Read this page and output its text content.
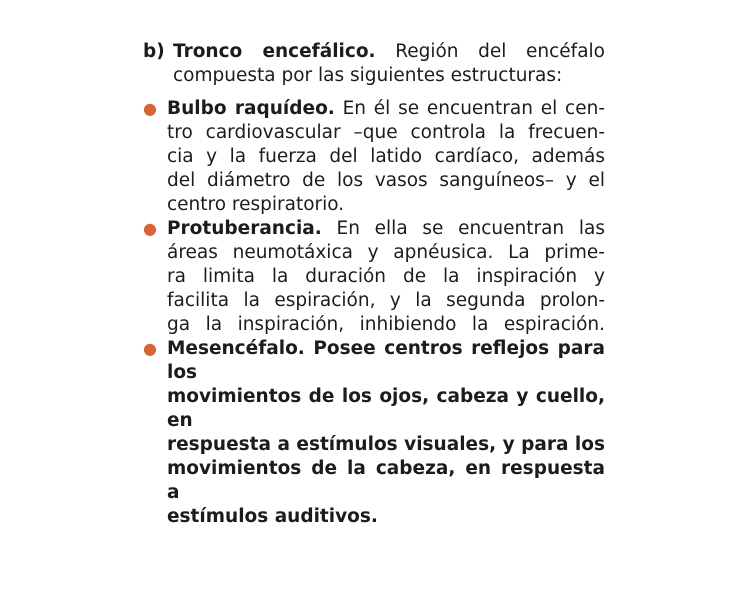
b) Tronco encefálico. Región del encéfalo
compuesta por las siguientes estructuras:
● Bulbo raquídeo. En él se encuentran el cen-
tro cardiovascular –que controla la frecuen-
cia y la fuerza del latido cardíaco, además
del diámetro de los vasos sanguíneos– y el
centro respiratorio.
● Protuberancia. En ella se encuentran las
áreas neumotáxica y apnéusica. La prime-
ra limita la duración de la inspiración y
facilita la espiración, y la segunda prolon-
ga la inspiración, inhibiendo la espiración.
● Mesencéfalo. Posee centros reflejos para los
movimientos de los ojos, cabeza y cuello, en
respuesta a estímulos visuales, y para los
movimientos de la cabeza, en respuesta a
estímulos auditivos.
